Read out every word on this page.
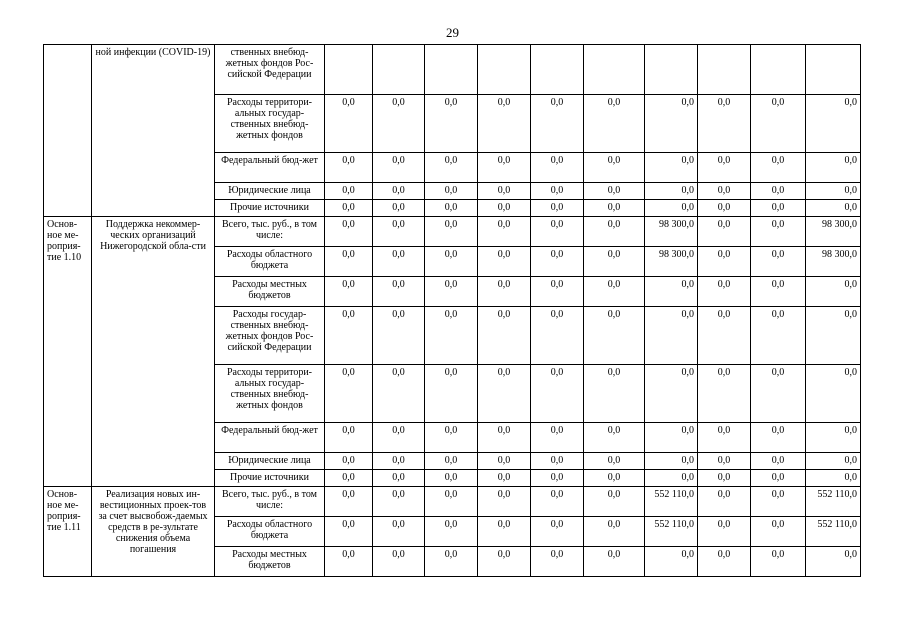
29
	ной инфекции (COVID-19)	ственных внебюд-жетных фондов Рос-сийской Федерации										
		Расходы территори-альных государ-ственных внебюд-жетных фондов	0,0	0,0	0,0	0,0	0,0	0,0	0,0	0,0	0,0	0,0
		Федеральный бюд-жет	0,0	0,0	0,0	0,0	0,0	0,0	0,0	0,0	0,0	0,0
		Юридические лица	0,0	0,0	0,0	0,0	0,0	0,0	0,0	0,0	0,0	0,0
		Прочие источники	0,0	0,0	0,0	0,0	0,0	0,0	0,0	0,0	0,0	0,0
Основ-ное ме-роприя-тие 1.10	Поддержка некоммер-ческих организаций Нижегородской обла-сти	Всего, тыс. руб., в том числе:	0,0	0,0	0,0	0,0	0,0	0,0	98 300,0	0,0	0,0	98 300,0
		Расходы областного бюджета	0,0	0,0	0,0	0,0	0,0	0,0	98 300,0	0,0	0,0	98 300,0
		Расходы местных бюджетов	0,0	0,0	0,0	0,0	0,0	0,0	0,0	0,0	0,0	0,0
		Расходы государ-ственных внебюд-жетных фондов Рос-сийской Федерации	0,0	0,0	0,0	0,0	0,0	0,0	0,0	0,0	0,0	0,0
		Расходы территори-альных государ-ственных внебюд-жетных фондов	0,0	0,0	0,0	0,0	0,0	0,0	0,0	0,0	0,0	0,0
		Федеральный бюд-жет	0,0	0,0	0,0	0,0	0,0	0,0	0,0	0,0	0,0	0,0
		Юридические лица	0,0	0,0	0,0	0,0	0,0	0,0	0,0	0,0	0,0	0,0
		Прочие источники	0,0	0,0	0,0	0,0	0,0	0,0	0,0	0,0	0,0	0,0
Основ-ное ме-роприя-тие 1.11	Реализация новых ин-вестиционных проек-тов за счет высвобож-даемых средств в ре-зультате снижения объема погашения	Всего, тыс. руб., в том числе:	0,0	0,0	0,0	0,0	0,0	0,0	552 110,0	0,0	0,0	552 110,0
		Расходы областного бюджета	0,0	0,0	0,0	0,0	0,0	0,0	552 110,0	0,0	0,0	552 110,0
		Расходы местных бюджетов	0,0	0,0	0,0	0,0	0,0	0,0	0,0	0,0	0,0	0,0
